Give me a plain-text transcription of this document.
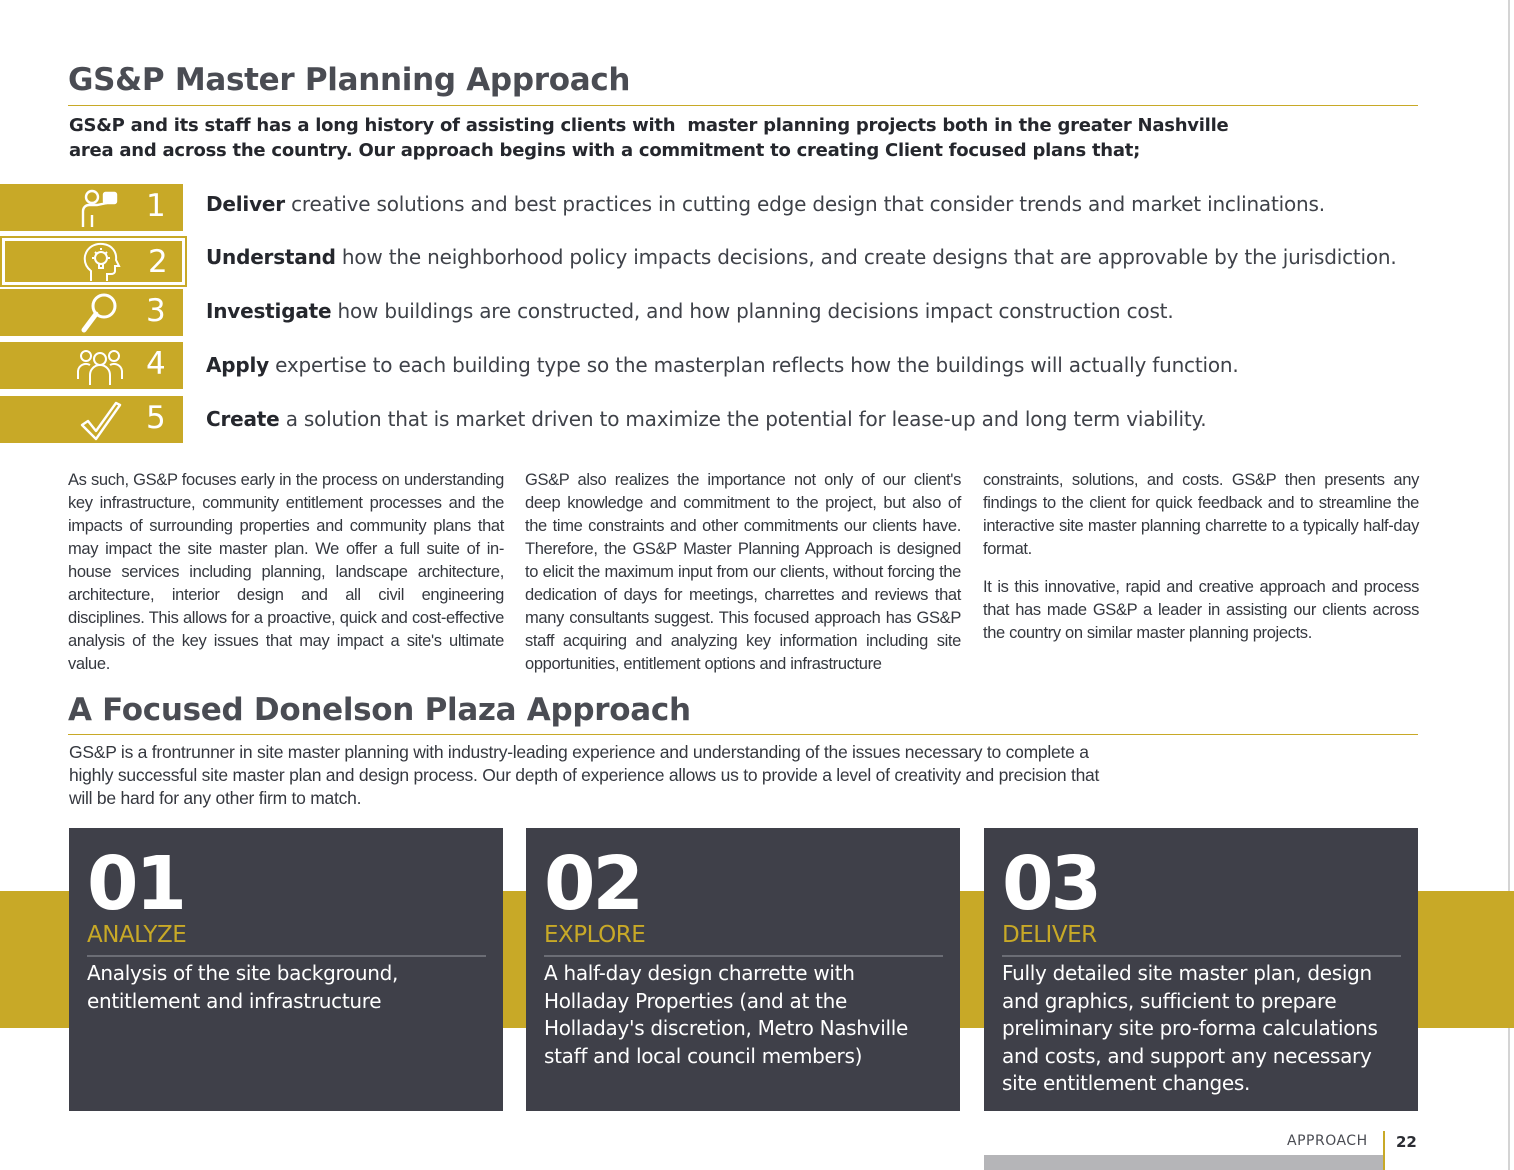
GS&P Master Planning Approach
GS&P and its staff has a long history of assisting clients with  master planning projects both in the greater Nashville
area and across the country. Our approach begins with a commitment to creating Client focused plans that;
1 Deliver creative solutions and best practices in cutting edge design that consider trends and market inclinations.
2 Understand how the neighborhood policy impacts decisions, and create designs that are approvable by the jurisdiction.
3 Investigate how buildings are constructed, and how planning decisions impact construction cost.
4 Apply expertise to each building type so the masterplan reflects how the buildings will actually function.
5 Create a solution that is market driven to maximize the potential for lease-up and long term viability.

As such, GS&P focuses early in the process on understanding key infrastructure, community entitlement processes and the impacts of surrounding properties and community plans that may impact the site master plan. We offer a full suite of in-house services including planning, landscape architecture, architecture, interior design and all civil engineering disciplines. This allows for a proactive, quick and cost-effective analysis of the key issues that may impact a site's ultimate value.

GS&P also realizes the importance not only of our client's deep knowledge and commitment to the project, but also of the time constraints and other commitments our clients have. Therefore, the GS&P Master Planning Approach is designed to elicit the maximum input from our clients, without forcing the dedication of days for meetings, charrettes and reviews that many consultants suggest. This focused approach has GS&P staff acquiring and analyzing key information including site opportunities, entitlement options and infrastructure

constraints, solutions, and costs. GS&P then presents any findings to the client for quick feedback and to streamline the interactive site master planning charrette to a typically half-day format.

It is this innovative, rapid and creative approach and process that has made GS&P a leader in assisting our clients across the country on similar master planning projects.

A Focused Donelson Plaza Approach
GS&P is a frontrunner in site master planning with industry-leading experience and understanding of the issues necessary to complete a highly successful site master plan and design process. Our depth of experience allows us to provide a level of creativity and precision that will be hard for any other firm to match.
01
ANALYZE
Analysis of the site background, entitlement and infrastructure
02
EXPLORE
A half-day design charrette with Holladay Properties (and at the Holladay's discretion, Metro Nashville staff and local council members)
03
DELIVER
Fully detailed site master plan, design and graphics, sufficient to prepare preliminary site pro-forma calculations and costs, and support any necessary site entitlement changes.
APPROACH 22
